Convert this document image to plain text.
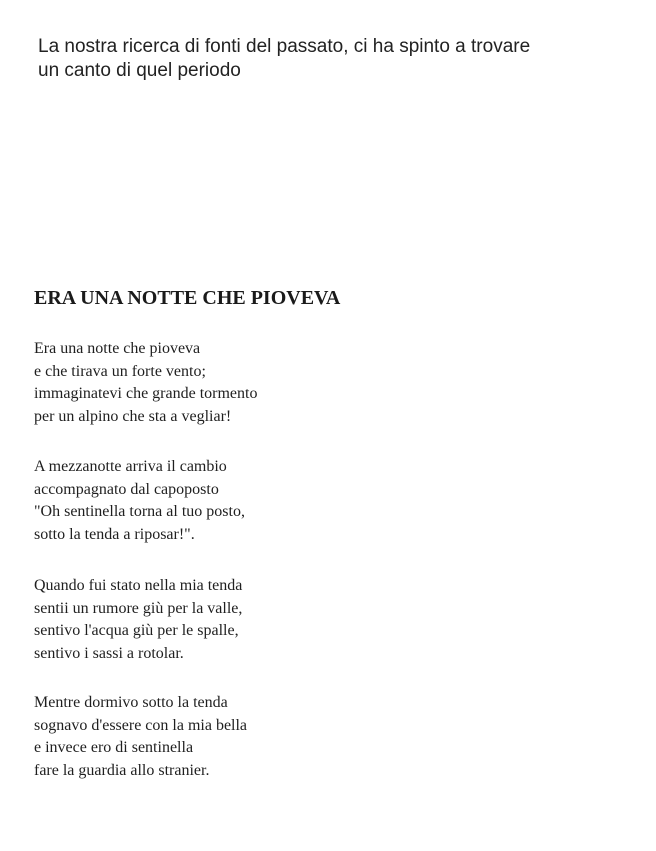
La nostra ricerca di fonti del passato, ci ha spinto a trovare
un canto di quel periodo
ERA UNA NOTTE CHE PIOVEVA
Era una notte che pioveva
e che tirava un forte vento;
immaginatevi che grande tormento
per un alpino che sta a vegliar!
A mezzanotte arriva il cambio
accompagnato dal capoposto
"Oh sentinella torna al tuo posto,
sotto la tenda a riposar!".
Quando fui stato nella mia tenda
sentii un rumore giù per la valle,
sentivo l'acqua giù per le spalle,
sentivo i sassi a rotolar.
Mentre dormivo sotto la tenda
sognavo d'essere con la mia bella
e invece ero di sentinella
fare la guardia allo stranier.
